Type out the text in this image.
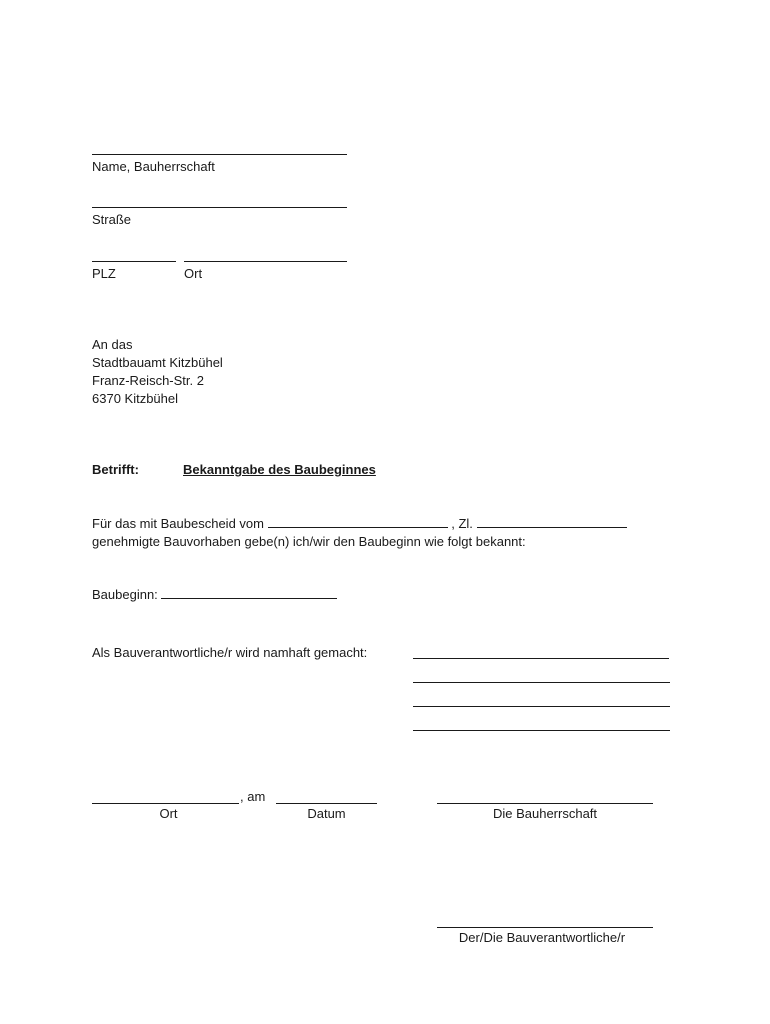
Name, Bauherrschaft
Straße
PLZ	Ort
An das
Stadtbauamt Kitzbühel
Franz-Reisch-Str. 2
6370 Kitzbühel
Betrifft:	Bekanntgabe des Baubeginnes
Für das mit Baubescheid vom	, Zl.
genehmigte Bauvorhaben gebe(n) ich/wir den Baubeginn wie folgt bekannt:
Baubeginn:
Als Bauverantwortliche/r wird namhaft gemacht:
, am
Ort	Datum	Die Bauherrschaft
Der/Die Bauverantwortliche/r
